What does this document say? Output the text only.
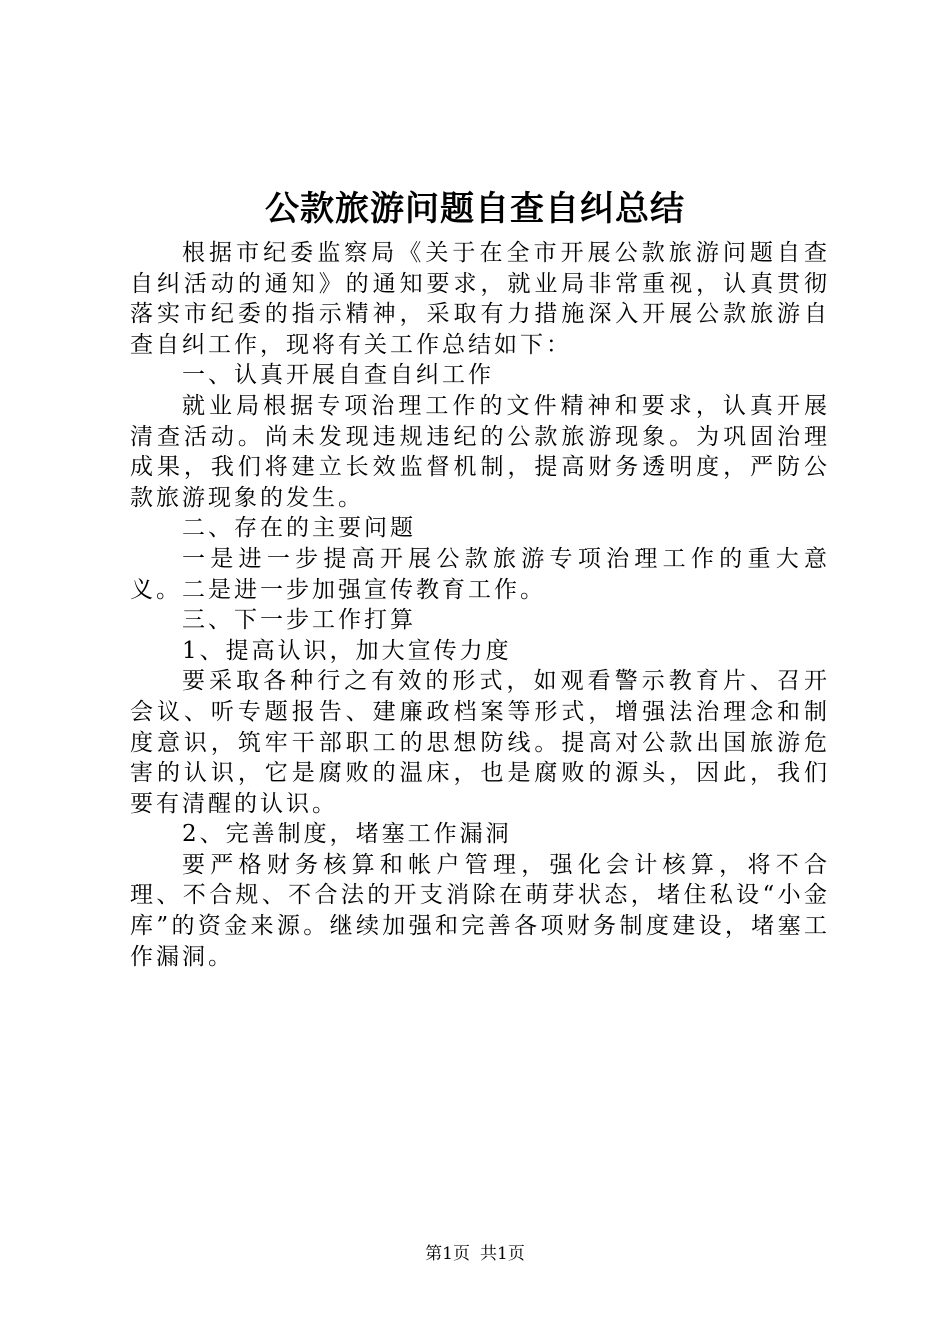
公款旅游问题自查自纠总结

根据市纪委监察局《关于在全市开展公款旅游问题自查自纠活动的通知》的通知要求，就业局非常重视，认真贯彻落实市纪委的指示精神，采取有力措施深入开展公款旅游自查自纠工作，现将有关工作总结如下：

一、认真开展自查自纠工作

就业局根据专项治理工作的文件精神和要求，认真开展清查活动。尚未发现违规违纪的公款旅游现象。为巩固治理成果，我们将建立长效监督机制，提高财务透明度，严防公款旅游现象的发生。

二、存在的主要问题

一是进一步提高开展公款旅游专项治理工作的重大意义。二是进一步加强宣传教育工作。

三、下一步工作打算

1、提高认识，加大宣传力度

要采取各种行之有效的形式，如观看警示教育片、召开会议、听专题报告、建廉政档案等形式，增强法治理念和制度意识，筑牢干部职工的思想防线。提高对公款出国旅游危害的认识，它是腐败的温床，也是腐败的源头，因此，我们要有清醒的认识。

2、完善制度，堵塞工作漏洞

要严格财务核算和帐户管理，强化会计核算，将不合理、不合规、不合法的开支消除在萌芽状态，堵住私设“小金库”的资金来源。继续加强和完善各项财务制度建设，堵塞工作漏洞。

第1页 共1页
